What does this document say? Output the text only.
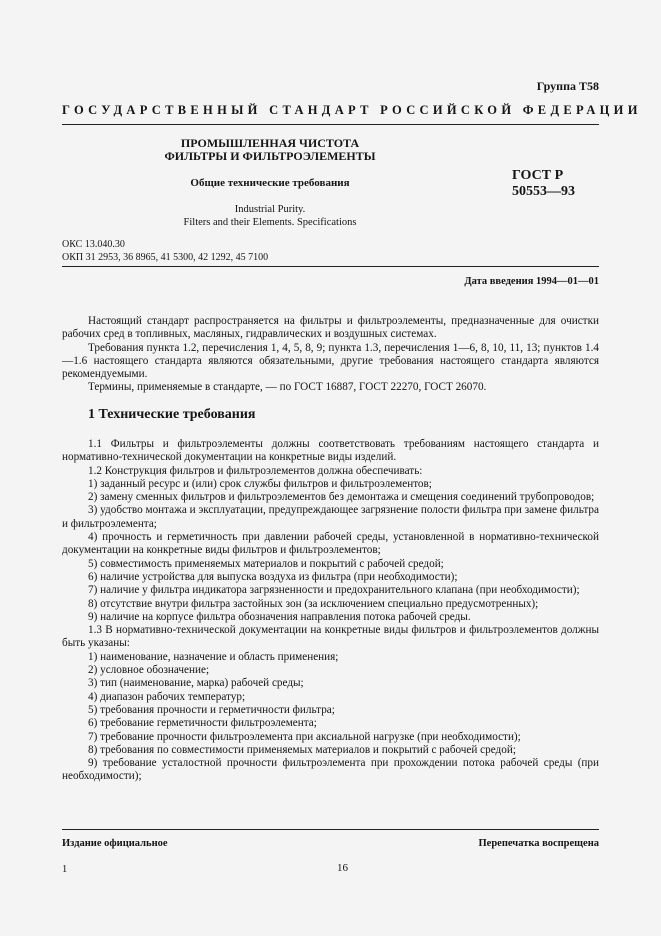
Группа Т58
ГОСУДАРСТВЕННЫЙ СТАНДАРТ РОССИЙСКОЙ ФЕДЕРАЦИИ
ПРОМЫШЛЕННАЯ ЧИСТОТА
ФИЛЬТРЫ И ФИЛЬТРОЭЛЕМЕНТЫ
Общие технические требования
Industrial Purity.
Filters and their Elements. Specifications
ГОСТ Р
50553—93
ОКС 13.040.30
ОКП 31 2953, 36 8965, 41 5300, 42 1292, 45 7100
Дата введения 1994—01—01

Настоящий стандарт распространяется на фильтры и фильтроэлементы, предназначенные для очистки рабочих сред в топливных, масляных, гидравлических и воздушных системах.

Требования пункта 1.2, перечисления 1, 4, 5, 8, 9; пункта 1.3, перечисления 1—6, 8, 10, 11, 13; пунктов 1.4—1.6 настоящего стандарта являются обязательными, другие требования настоящего стандарта являются рекомендуемыми.

Термины, применяемые в стандарте, — по ГОСТ 16887, ГОСТ 22270, ГОСТ 26070.

1 Технические требования

1.1 Фильтры и фильтроэлементы должны соответствовать требованиям настоящего стандарта и нормативно-технической документации на конкретные виды изделий.

1.2 Конструкция фильтров и фильтроэлементов должна обеспечивать:

1) заданный ресурс и (или) срок службы фильтров и фильтроэлементов;

2) замену сменных фильтров и фильтроэлементов без демонтажа и смещения соединений трубопроводов;

3) удобство монтажа и эксплуатации, предупреждающее загрязнение полости фильтра при замене фильтра и фильтроэлемента;

4) прочность и герметичность при давлении рабочей среды, установленной в нормативно-технической документации на конкретные виды фильтров и фильтроэлементов;

5) совместимость применяемых материалов и покрытий с рабочей средой;

6) наличие устройства для выпуска воздуха из фильтра (при необходимости);

7) наличие у фильтра индикатора загрязненности и предохранительного клапана (при необходимости);

8) отсутствие внутри фильтра застойных зон (за исключением специально предусмотренных);

9) наличие на корпусе фильтра обозначения направления потока рабочей среды.

1.3 В нормативно-технической документации на конкретные виды фильтров и фильтроэлементов должны быть указаны:

1) наименование, назначение и область применения;

2) условное обозначение;

3) тип (наименование, марка) рабочей среды;

4) диапазон рабочих температур;

5) требования прочности и герметичности фильтра;

6) требование герметичности фильтроэлемента;

7) требование прочности фильтроэлемента при аксиальной нагрузке (при необходимости);

8) требования по совместимости применяемых материалов и покрытий с рабочей средой;

9) требование усталостной прочности фильтроэлемента при прохождении потока рабочей среды (при необходимости);

Издание официальное	Перепечатка воспрещена
1	16
